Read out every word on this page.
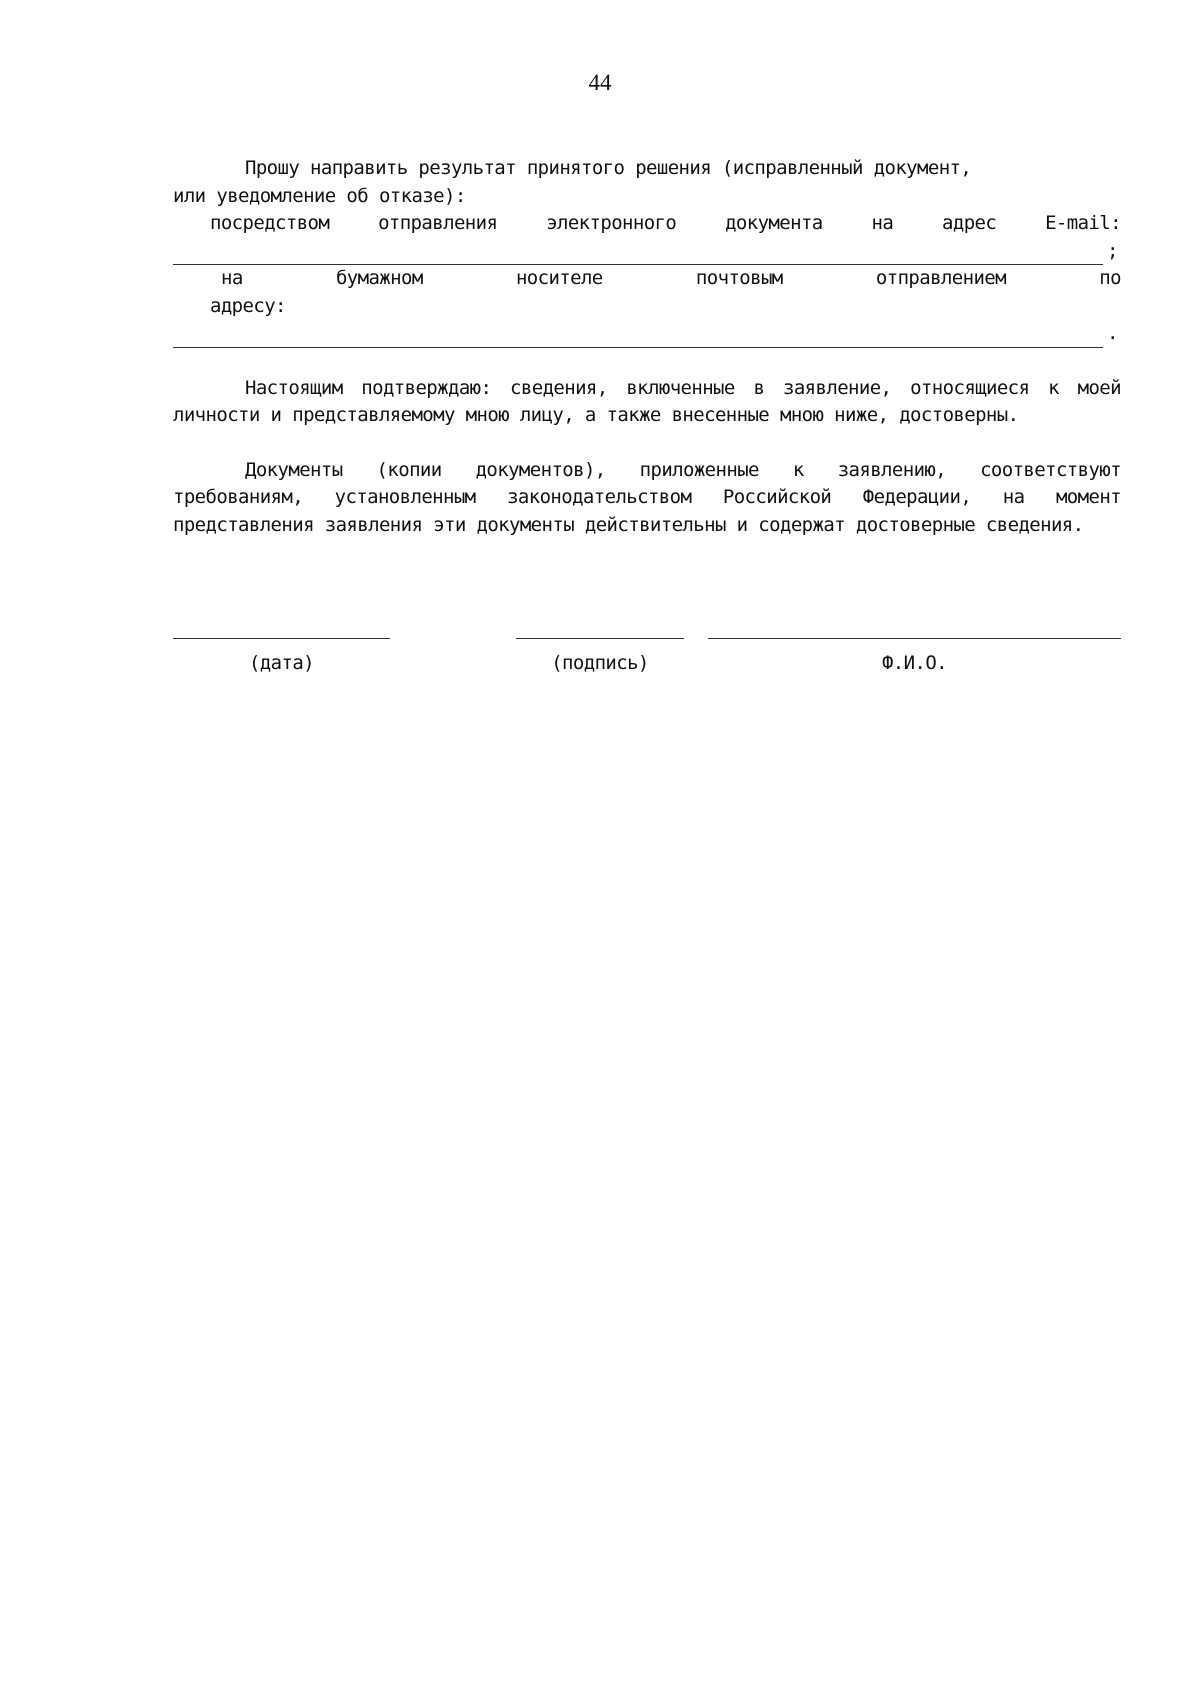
44
Прошу направить результат принятого решения (исправленный документ,
или уведомление об отказе):
посредством	отправления	электронного	документа	на	адрес	E-mail:
;
на	бумажном	носителе	почтовым	отправлением	по
адресу:
.

Настоящим подтверждаю: сведения, включенные в заявление, относящиеся к моей личности и представляемому мною лицу, а также внесенные мною ниже, достоверны.

Документы (копии документов), приложенные к заявлению, соответствуют требованиям, установленным законодательством Российской Федерации, на момент представления заявления эти документы действительны и содержат достоверные сведения.

(дата)	(подпись)	Ф.И.О.
